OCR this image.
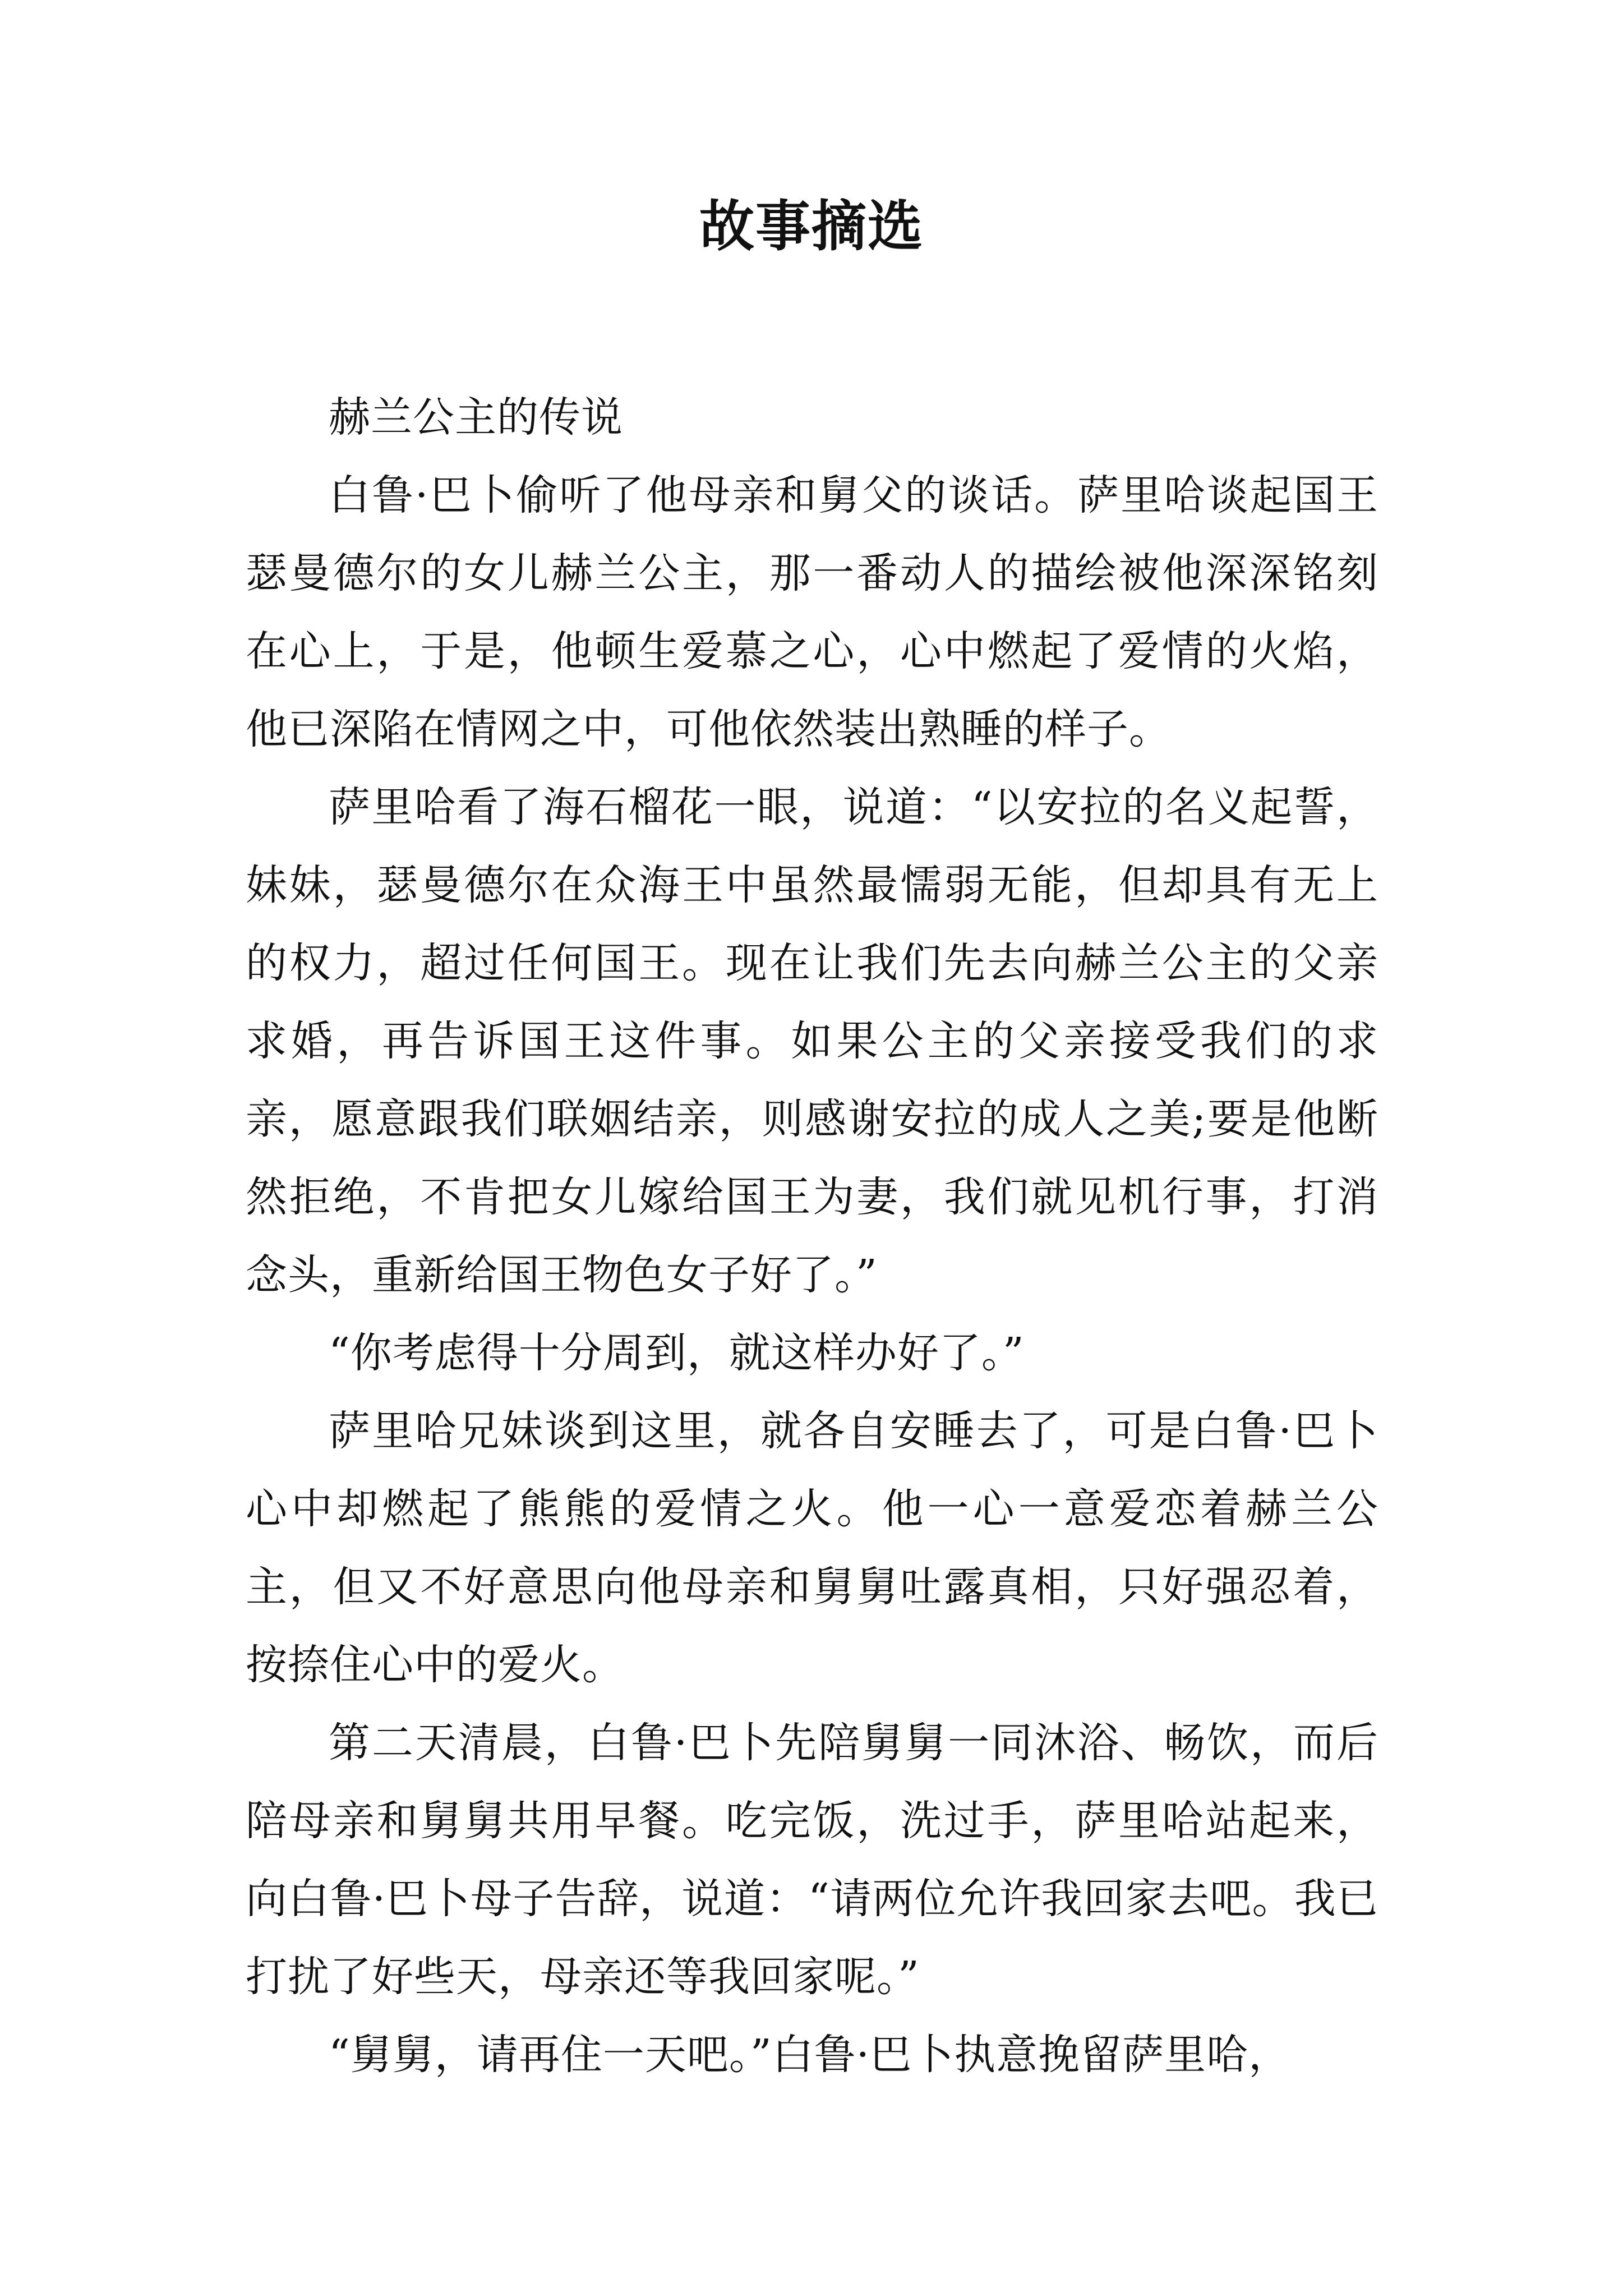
故事摘选

赫兰公主的传说

白鲁·巴卜偷听了他母亲和舅父的谈话。萨里哈谈起国王瑟曼德尔的女儿赫兰公主，那一番动人的描绘被他深深铭刻在心上，于是，他顿生爱慕之心，心中燃起了爱情的火焰，他已深陷在情网之中，可他依然装出熟睡的样子。

萨里哈看了海石榴花一眼，说道：“以安拉的名义起誓，妹妹，瑟曼德尔在众海王中虽然最懦弱无能，但却具有无上的权力，超过任何国王。现在让我们先去向赫兰公主的父亲求婚，再告诉国王这件事。如果公主的父亲接受我们的求亲，愿意跟我们联姻结亲，则感谢安拉的成人之美;要是他断然拒绝，不肯把女儿嫁给国王为妻，我们就见机行事，打消念头，重新给国王物色女子好了。”

“你考虑得十分周到，就这样办好了。”

萨里哈兄妹谈到这里，就各自安睡去了，可是白鲁·巴卜心中却燃起了熊熊的爱情之火。他一心一意爱恋着赫兰公主，但又不好意思向他母亲和舅舅吐露真相，只好强忍着，按捺住心中的爱火。

第二天清晨，白鲁·巴卜先陪舅舅一同沐浴、畅饮，而后陪母亲和舅舅共用早餐。吃完饭，洗过手，萨里哈站起来，向白鲁·巴卜母子告辞，说道：“请两位允许我回家去吧。我已打扰了好些天，母亲还等我回家呢。”

“舅舅，请再住一天吧。”白鲁·巴卜执意挽留萨里哈，
